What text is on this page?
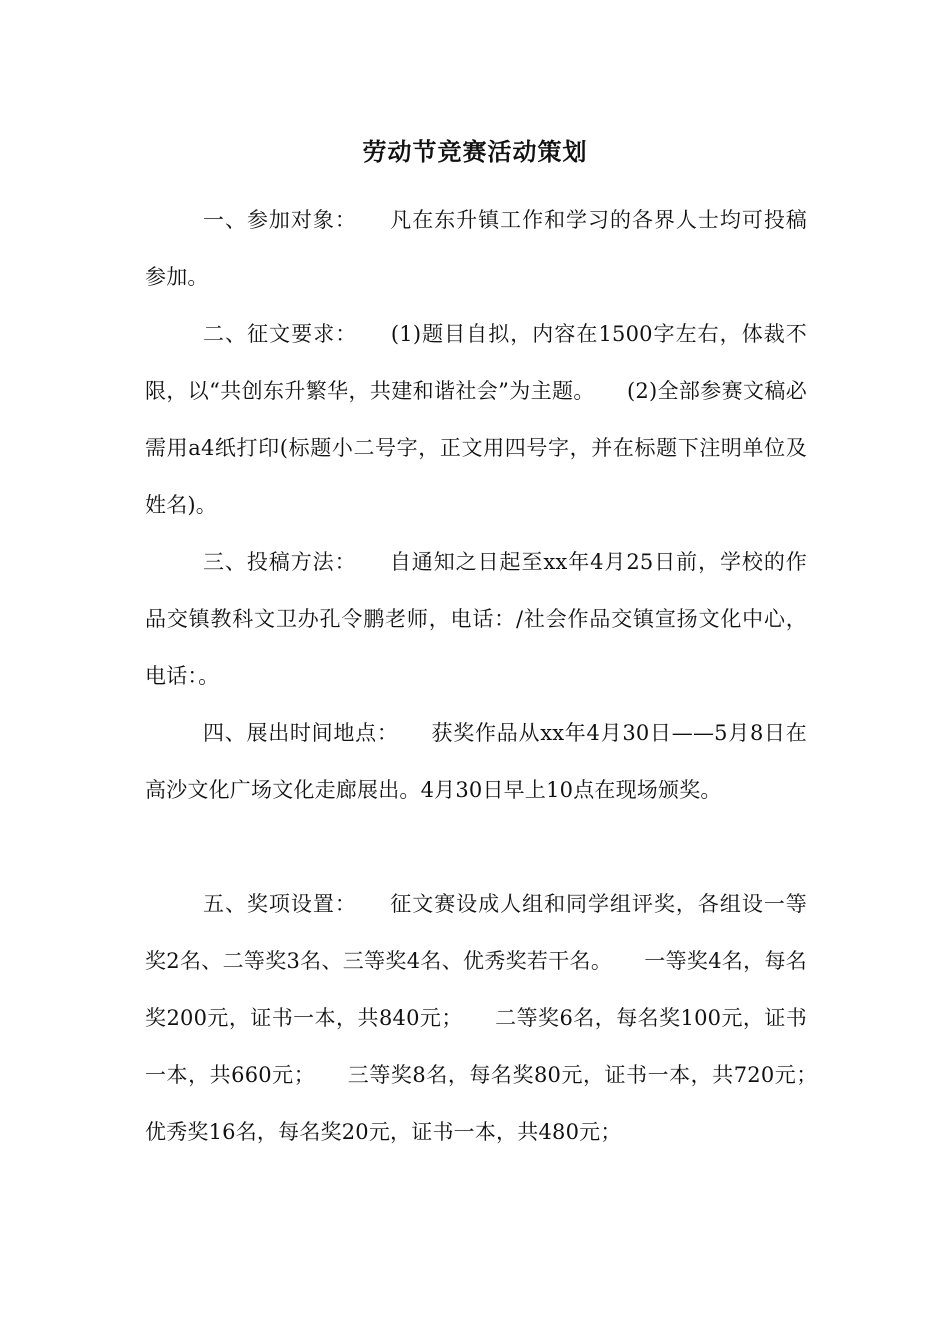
劳动节竞赛活动策划

一、参加对象：　　凡在东升镇工作和学习的各界人士均可投稿参加。

二、征文要求：　　(1)题目自拟，内容在1500字左右，体裁不限，以“共创东升繁华，共建和谐社会”为主题。　　(2)全部参赛文稿必需用a4纸打印(标题小二号字，正文用四号字，并在标题下注明单位及姓名)。

三、投稿方法：　　自通知之日起至xx年4月25日前，学校的作品交镇教科文卫办孔令鹏老师，电话：/社会作品交镇宣扬文化中心，电话：。

四、展出时间地点：　　获奖作品从xx年4月30日——5月8日在高沙文化广场文化走廊展出。4月30日早上10点在现场颁奖。

五、奖项设置：　　征文赛设成人组和同学组评奖，各组设一等奖2名、二等奖3名、三等奖4名、优秀奖若干名。　　一等奖4名，每名奖200元，证书一本，共840元；　　二等奖6名，每名奖100元，证书一本，共660元；　　三等奖8名，每名奖80元，证书一本，共720元；　　优秀奖16名，每名奖20元，证书一本，共480元；
